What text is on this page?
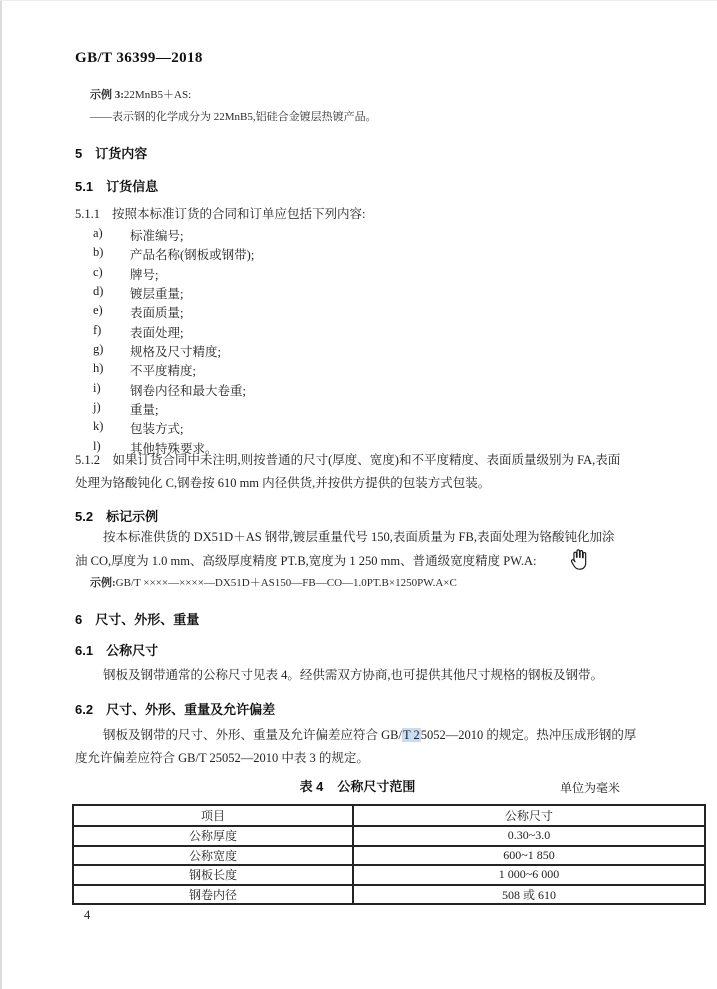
GB/T 36399—2018
示例 3:22MnB5＋AS:
——表示钢的化学成分为 22MnB5,铝硅合金镀层热镀产品。
5 订货内容
5.1 订货信息
5.1.1 按照本标准订货的合同和订单应包括下列内容:
a)	标准编号;
b)	产品名称(钢板或钢带);
c)	牌号;
d)	镀层重量;
e)	表面质量;
f)	表面处理;
g)	规格及尺寸精度;
h)	不平度精度;
i)	钢卷内径和最大卷重;
j)	重量;
k)	包装方式;
l)	其他特殊要求。
5.1.2 如果订货合同中未注明,则按普通的尺寸(厚度、宽度)和不平度精度、表面质量级别为 FA,表面
处理为铬酸钝化 C,钢卷按 610 mm 内径供货,并按供方提供的包装方式包装。
5.2 标记示例
按本标准供货的 DX51D＋AS 钢带,镀层重量代号 150,表面质量为 FB,表面处理为铬酸钝化加涂
油 CO,厚度为 1.0 mm、高级厚度精度 PT.B,宽度为 1 250 mm、普通级宽度精度 PW.A:
示例:GB/T ××××—××××—DX51D＋AS150—FB—CO—1.0PT.B×1250PW.A×C
6 尺寸、外形、重量
6.1 公称尺寸
钢板及钢带通常的公称尺寸见表 4。经供需双方协商,也可提供其他尺寸规格的钢板及钢带。
6.2 尺寸、外形、重量及允许偏差
钢板及钢带的尺寸、外形、重量及允许偏差应符合 GB/T 25052—2010 的规定。热冲压成形钢的厚
度允许偏差应符合 GB/T 25052—2010 中表 3 的规定。
表 4 公称尺寸范围	单位为毫米
项目	公称尺寸
公称厚度	0.30~3.0
公称宽度	600~1 850
钢板长度	1 000~6 000
钢卷内径	508 或 610
4
